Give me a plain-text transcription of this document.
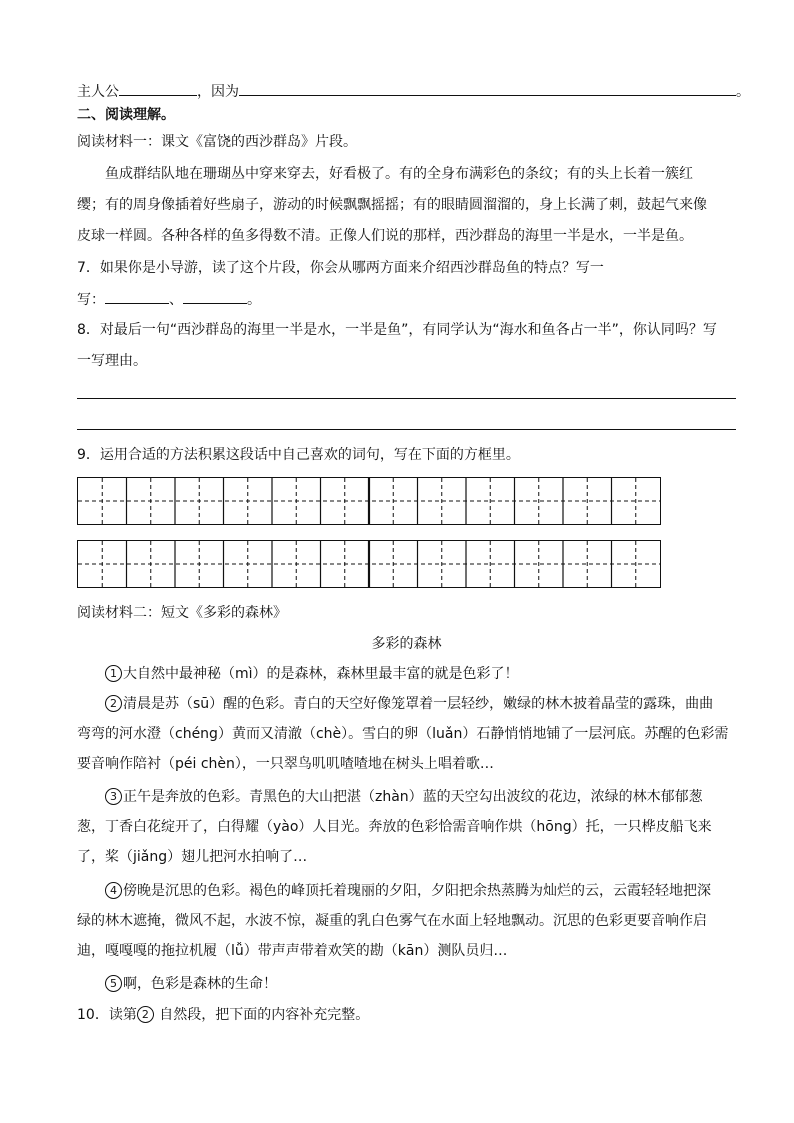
主人公	，因为	。
二、阅读理解。
阅读材料一：课文《富饶的西沙群岛》片段。
鱼成群结队地在珊瑚丛中穿来穿去，好看极了。有的全身布满彩色的条纹；有的头上长着一簇红
缨；有的周身像插着好些扇子，游动的时候飘飘摇摇；有的眼睛圆溜溜的，身上长满了刺，鼓起气来像
皮球一样圆。各种各样的鱼多得数不清。正像人们说的那样，西沙群岛的海里一半是水，一半是鱼。
7．如果你是小导游，读了这个片段，你会从哪两方面来介绍西沙群岛鱼的特点？写一
写：	、	。
8．对最后一句“西沙群岛的海里一半是水，一半是鱼”，有同学认为“海水和鱼各占一半”，你认同吗？写
一写理由。
9．运用合适的方法积累这段话中自己喜欢的词句，写在下面的方框里。
阅读材料二：短文《多彩的森林》
多彩的森林
1 大自然中最神秘（mì）的是森林，森林里最丰富的就是色彩了！
2 清晨是苏（sū）醒的色彩。青白的天空好像笼罩着一层轻纱，嫩绿的林木披着晶莹的露珠，曲曲
弯弯的河水澄（chéng）黄而又清澈（chè）。雪白的卵（luǎn）石静悄悄地铺了一层河底。苏醒的色彩需
要音响作陪衬（péi chèn），一只翠鸟叽叽喳喳地在树头上唱着歌…
3 正午是奔放的色彩。青黑色的大山把湛（zhàn）蓝的天空勾出波纹的花边，浓绿的林木郁郁葱
葱，丁香白花绽开了，白得耀（yào）人目光。奔放的色彩恰需音响作烘（hōng）托，一只桦皮船飞来
了，桨（jiǎng）翅儿把河水拍响了…
4 傍晚是沉思的色彩。褐色的峰顶托着瑰丽的夕阳，夕阳把余热蒸腾为灿烂的云，云霞轻轻地把深
绿的林木遮掩，微风不起，水波不惊，凝重的乳白色雾气在水面上轻地飘动。沉思的色彩更要音响作启
迪，嘎嘎嘎的拖拉机履（lǚ）带声声带着欢笑的勘（kān）测队员归…
5 啊，色彩是森林的生命！
10．读第 2 自然段，把下面的内容补充完整。
